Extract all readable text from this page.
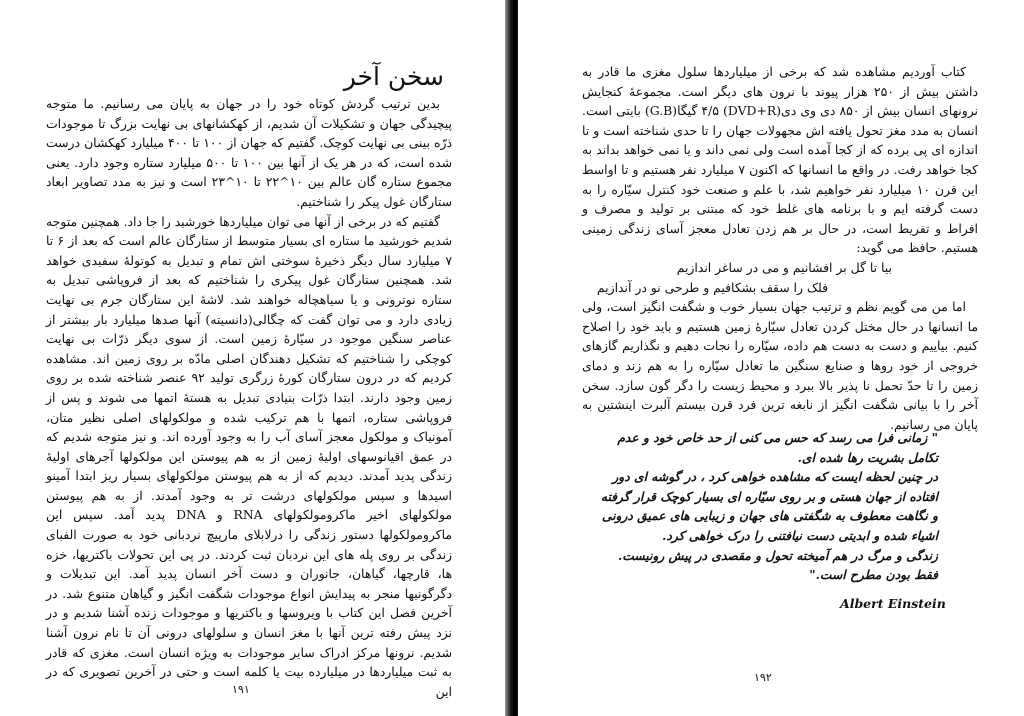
سخن آخر

بدین ترتیب گردش کوتاه خود را در جهان به پایان می رسانیم. ما متوجه پیچیدگی جهان و تشکیلات آن شدیم، از کهکشانهای بی نهایت بزرگ تا موجودات ذرّه بینی بی نهایت کوچک. گفتیم که جهان از ۱۰۰ تا ۴۰۰ میلیارد کهکشان درست شده است، که در هر یک از آنها بین ۱۰۰ تا ۵۰۰ میلیارد ستاره وجود دارد. یعنی مجموع ستاره گان عالم بین ۱۰^۲۲ تا ۱۰^۲۳ است و نیز به مدد تصاویر ابعاد ستارگان غول پیکر را شناختیم.

گفتیم که در برخی از آنها می توان میلیاردها خورشید را جا داد. همچنین متوجه شدیم خورشید ما ستاره ای بسیار متوسط از ستارگان عالم است که بعد از ۶ تا ۷ میلیارد سال دیگر ذخیرهٔ سوختی اش تمام و تبدیل به کوتولهٔ سفیدی خواهد شد. همچنین ستارگان غول پیکری را شناختیم که بعد از فروپاشی تبدیل به ستاره نوترونی و یا سیاهچاله خواهند شد. لاشهٔ این ستارگان جرم بی نهایت زیادی دارد و می توان گفت که چگالی(دانسیته) آنها صدها میلیارد بار بیشتر از عناصر سنگین موجود در سیّارهٔ زمین است. از سوی دیگر ذرّات بی نهایت کوچکی را شناختیم که تشکیل دهندگان اصلی مادّه بر روی زمین اند. مشاهده کردیم که در درون ستارگان کورهٔ زرگری تولید ۹۲ عنصر شناخته شده بر روی زمین وجود دارند. ابتدا ذرّات بنیادی تبدیل به هستهٔ اتمها می شوند و پس از فروپاشی ستاره، اتمها با هم ترکیب شده و مولکولهای اصلی نظیر متان، آمونیاک و مولکول معجز آسای آب را به وجود آورده اند. و نیز متوجه شدیم که در عمق اقیانوسهای اولیهٔ زمین از به هم پیوستن این مولکولها آجرهای اولیهٔ زندگی پدید آمدند. دیدیم که از به هم پیوستن مولکولهای بسیار ریز ابتدا آمینو اسیدها و سپس مولکولهای درشت تر به وجود آمدند. از به هم پیوستن مولکولهای اخیر ماکرومولکولهای RNA و DNA پدید آمد. سپس این ماکرومولکولها دستور زندگی را درلابلای مارپیچ نردبانی خود به صورت الفبای زندگی بر روی پله های این نردبان ثبت کردند. در پی این تحولات باکتریها، خزه ها، قارچها، گیاهان، جانوران و دست آخر انسان پدید آمد. این تبدیلات و دگرگونیها منجر به پیدایش انواع موجودات شگفت انگیز و گیاهان متنوع شد. در آخرین فصل این کتاب با ویروسها و باکتریها و موجودات زنده آشنا شدیم و در نزد پیش رفته ترین آنها با مغز انسان و سلولهای درونی آن تا نام نرون آشنا شدیم. نرونها مرکز ادراک سایر موجودات به ویژه انسان است. مغزی که قادر به ثبت میلیاردها در میلیارده بیت یا کلمه است و حتی در آخرین تصویری که در این

۱۹۱

کتاب آوردیم مشاهده شد که برخی از میلیاردها سلول مغزی ما قادر به داشتن بیش از ۲۵۰ هزار پیوند با نرون های دیگر است. مجموعهٔ کنجایش نرونهای انسان بیش از ۸۵۰ دی وی دی(DVD+R) ۴/۵ گیگا(G.B) بایتی است. انسان به مدد مغز تحول یافته اش مجهولات جهان را تا حدی شناخته است و تا اندازه ای پی برده که از کجا آمده است ولی نمی داند و یا نمی خواهد بداند به کجا خواهد رفت. در واقع ما انسانها که اکنون ۷ میلیارد نفر هستیم و تا اواسط این قرن ۱۰ میلیارد نفر خواهیم شد، با علم و صنعت خود کنترل سیّاره را به دست گرفته ایم و با برنامه های غلط خود که مبتنی بر تولید و مصرف و افراط و تفریط است، در حال بر هم زدن تعادل معجز آسای زندگی زمینی هستیم. حافظ می گوید:

بیا تا گل بر افشانیم و می در ساغر اندازیم
فلک را سقف بشکافیم و طرحی نو در آندازیم

اما من می گویم نظم و ترتیب جهان بسیار خوب و شگفت انگیز است، ولی ما انسانها در حال مختل کردن تعادل سیّارهٔ زمین هستیم و باید خود را اصلاح کنیم. بیاییم و دست به دست هم داده، سیّاره را نجات دهیم و نگذاریم گازهای خروجی از خود روها و صنایع سنگین ما تعادل سیّاره را به هم زند و دمای زمین را تا حدّ تحمل نا پذیر بالا ببرد و محیط زیست را دگر گون سازد. سخن آخر را با بیانی شگفت انگیز از نابغه ترین فرد قرن بیستم آلبرت اینشتین به پایان می رسانیم.

" زمانی فرا می رسد که حس می کنی از حد خاص خود و عدم تکامل بشریت رها شده ای.

در چنین لحظه ایست که مشاهده خواهی کرد ، در گوشه ای دور افتاده از جهان هستی و بر روی سیّاره ای بسیار کوچک قرار گرفته و نگاهت معطوف به شگفتی های جهان و زیبایی های عمیق درونی اشیاء شده و ابدیتی دست نیافتنی را درک خواهی کرد.

زندگی و مرگ در هم آمیخته تحول و مقصدی در پیش رونیست.

فقط بودن مطرح است."

Albert Einstein
۱۹۲
